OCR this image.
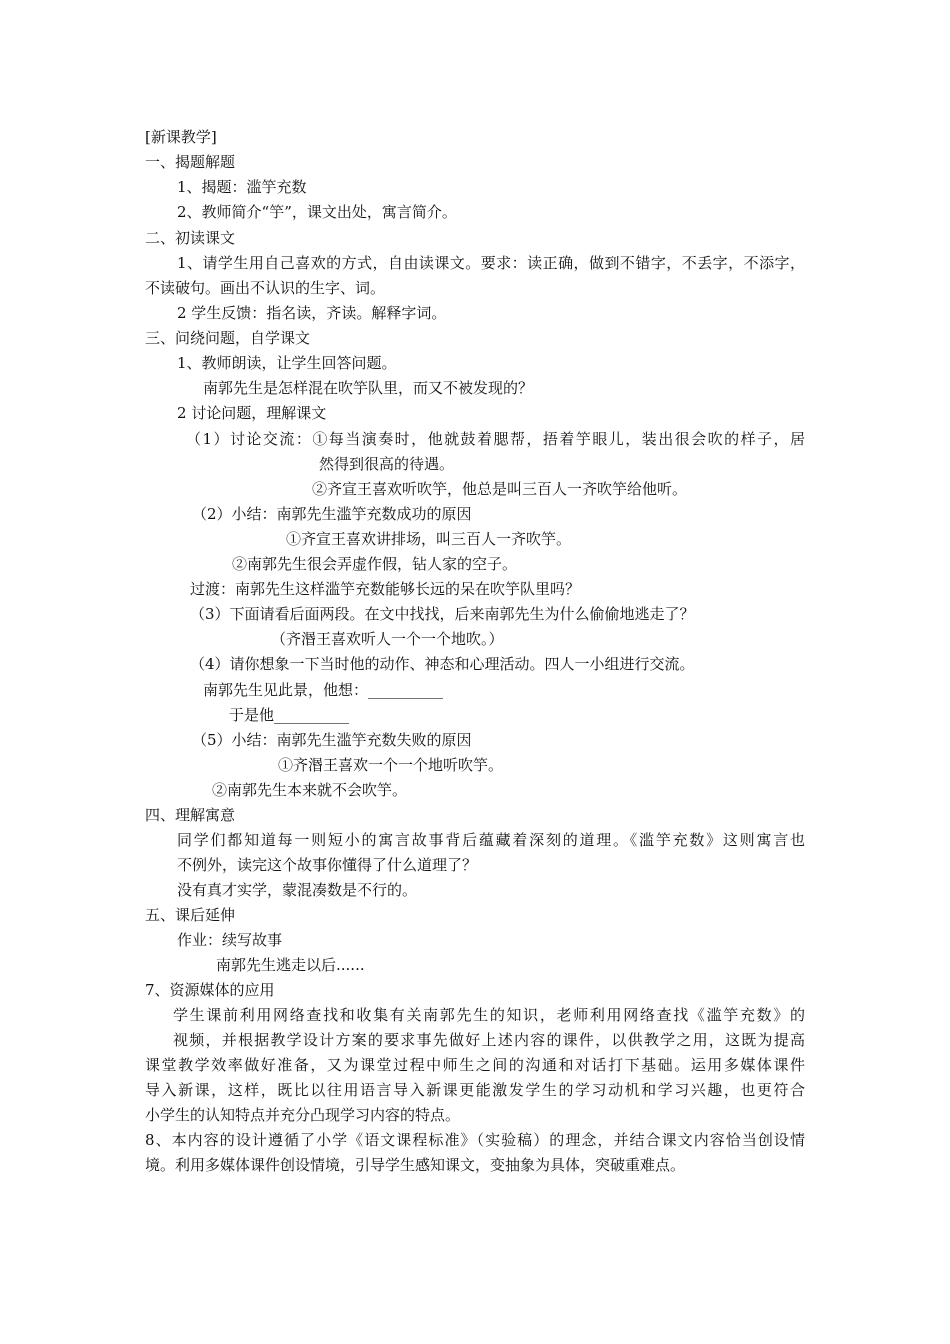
[新课教学]
一、揭题解题
1、揭题：滥竽充数
2、教师简介“竽”，课文出处，寓言简介。
二、初读课文
1、请学生用自己喜欢的方式，自由读课文。要求：读正确，做到不错字，不丢字，不添字，
不读破句。画出不认识的生字、词。
2 学生反馈：指名读，齐读。解释字词。
三、问绕问题，自学课文
1、教师朗读，让学生回答问题。
南郭先生是怎样混在吹竽队里，而又不被发现的？
2 讨论问题，理解课文
（1）讨论交流：①每当演奏时，他就鼓着腮帮，捂着竽眼儿，装出很会吹的样子，居
然得到很高的待遇。
②齐宣王喜欢听吹竽，他总是叫三百人一齐吹竽给他听。
（2）小结：南郭先生滥竽充数成功的原因
①齐宣王喜欢讲排场，叫三百人一齐吹竽。
②南郭先生很会弄虚作假，钻人家的空子。
过渡：南郭先生这样滥竽充数能够长远的呆在吹竽队里吗？
（3）下面请看后面两段。在文中找找，后来南郭先生为什么偷偷地逃走了？
（齐湣王喜欢听人一个一个地吹。）
（4）请你想象一下当时他的动作、神态和心理活动。四人一小组进行交流。
南郭先生见此景，他想：__________
于是他__________
（5）小结：南郭先生滥竽充数失败的原因
①齐湣王喜欢一个一个地听吹竽。
②南郭先生本来就不会吹竽。
四、理解寓意
同学们都知道每一则短小的寓言故事背后蕴藏着深刻的道理。《滥竽充数》这则寓言也
不例外，读完这个故事你懂得了什么道理了？
没有真才实学，蒙混凑数是不行的。
五、课后延伸
作业：续写故事
南郭先生逃走以后......
7、资源媒体的应用
学生课前利用网络查找和收集有关南郭先生的知识，老师利用网络查找《滥竽充数》的
视频，并根据教学设计方案的要求事先做好上述内容的课件，以供教学之用，这既为提高
课堂教学效率做好准备，又为课堂过程中师生之间的沟通和对话打下基础。运用多媒体课件
导入新课，这样，既比以往用语言导入新课更能激发学生的学习动机和学习兴趣，也更符合
小学生的认知特点并充分凸现学习内容的特点。
8、本内容的设计遵循了小学《语文课程标准》（实验稿）的理念，并结合课文内容恰当创设情
境。利用多媒体课件创设情境，引导学生感知课文，变抽象为具体，突破重难点。
